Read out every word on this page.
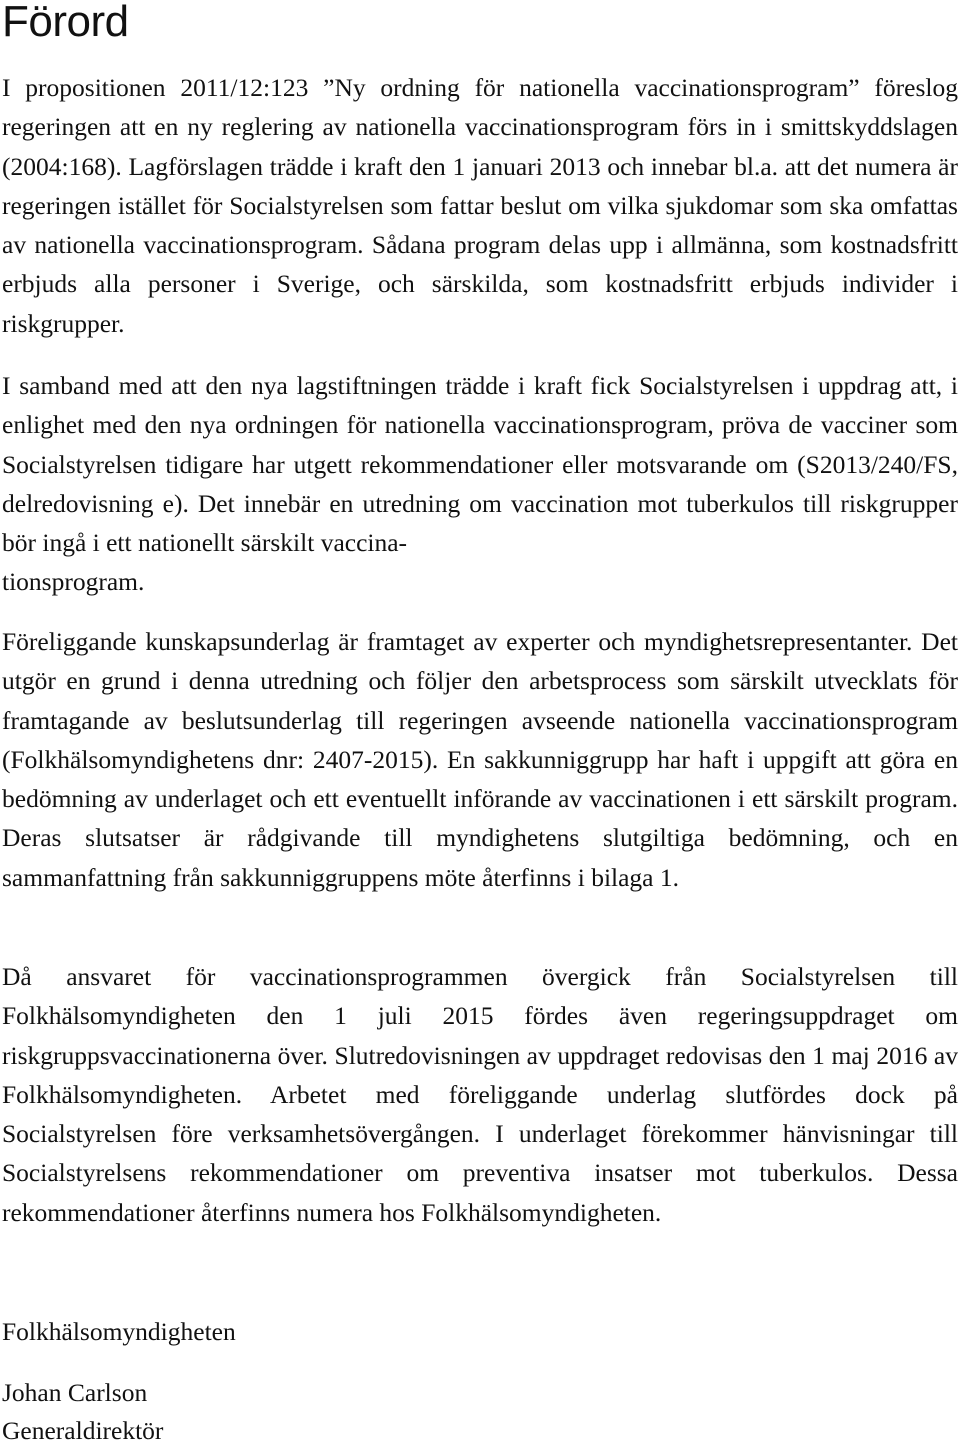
Förord

I propositionen 2011/12:123 ”Ny ordning för nationella vaccinationsprogram” föreslog regeringen att en ny reglering av nationella vaccinationsprogram förs in i smittskyddslagen (2004:168). Lagförslagen trädde i kraft den 1 januari 2013 och innebar bl.a. att det numera är regeringen istället för Socialstyrelsen som fattar beslut om vilka sjukdomar som ska omfattas av nationella vaccinationsprogram. Sådana program delas upp i allmänna, som kostnadsfritt erbjuds alla personer i Sverige, och särskilda, som kostnadsfritt erbjuds individer i riskgrupper.

I samband med att den nya lagstiftningen trädde i kraft fick Socialstyrelsen i uppdrag att, i enlighet med den nya ordningen för nationella vaccinationsprogram, pröva de vacciner som Socialstyrelsen tidigare har utgett rekommendationer eller motsvarande om (S2013/240/FS, delredovisning e). Det innebär en utredning om vaccination mot tuberkulos till riskgrupper bör ingå i ett nationellt särskilt vaccina-
tionsprogram.

Föreliggande kunskapsunderlag är framtaget av experter och myndighetsrepresentanter. Det utgör en grund i denna utredning och följer den arbetsprocess som särskilt utvecklats för framtagande av beslutsunderlag till regeringen avseende nationella vaccinationsprogram (Folkhälsomyndighetens dnr: 2407-2015). En sakkunniggrupp har haft i uppgift att göra en bedömning av underlaget och ett eventuellt införande av vaccinationen i ett särskilt program. Deras slutsatser är rådgivande till myndighetens slutgiltiga bedömning, och en sammanfattning från sakkunniggruppens möte återfinns i bilaga 1.

Då ansvaret för vaccinationsprogrammen övergick från Socialstyrelsen till Folkhälsomyndigheten den 1 juli 2015 fördes även regeringsuppdraget om riskgruppsvaccinationerna över. Slutredovisningen av uppdraget redovisas den 1 maj 2016 av Folkhälsomyndigheten. Arbetet med föreliggande underlag slutfördes dock på Socialstyrelsen före verksamhetsövergången. I underlaget förekommer hänvisningar till Socialstyrelsens rekommendationer om preventiva insatser mot tuberkulos. Dessa rekommendationer återfinns numera hos Folkhälsomyndigheten.

Folkhälsomyndigheten

Johan Carlson

Generaldirektör
